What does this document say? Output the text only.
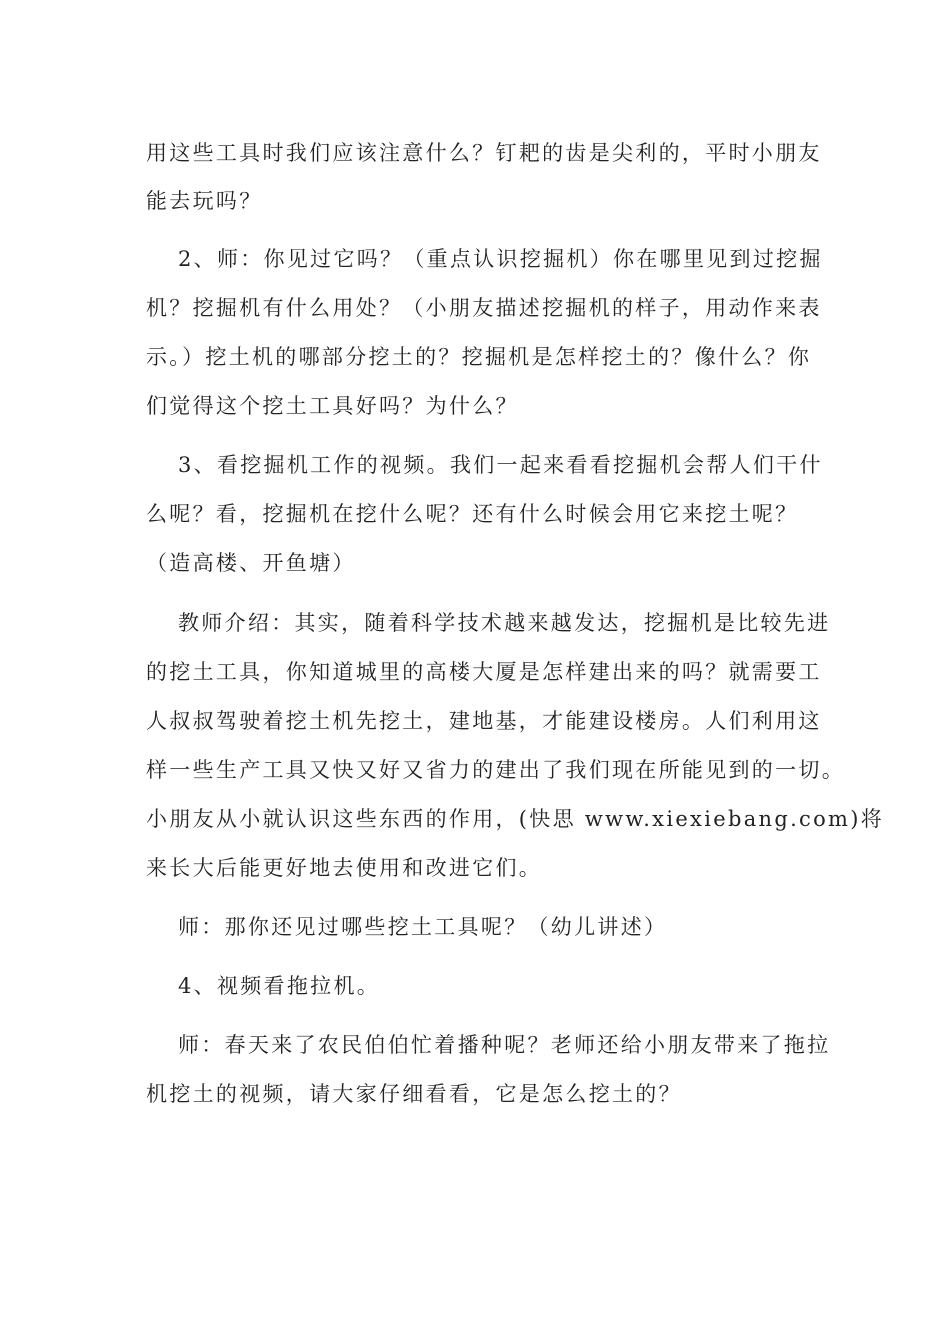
用这些工具时我们应该注意什么？钉耙的齿是尖利的，平时小朋友
能去玩吗？
2、师：你见过它吗？（重点认识挖掘机）你在哪里见到过挖掘
机？挖掘机有什么用处？（小朋友描述挖掘机的样子，用动作来表
示。）挖土机的哪部分挖土的？挖掘机是怎样挖土的？像什么？你
们觉得这个挖土工具好吗？为什么？
3、看挖掘机工作的视频。我们一起来看看挖掘机会帮人们干什
么呢？看，挖掘机在挖什么呢？还有什么时候会用它来挖土呢？
（造高楼、开鱼塘）
教师介绍：其实，随着科学技术越来越发达，挖掘机是比较先进
的挖土工具，你知道城里的高楼大厦是怎样建出来的吗？就需要工
人叔叔驾驶着挖土机先挖土，建地基，才能建设楼房。人们利用这
样一些生产工具又快又好又省力的建出了我们现在所能见到的一切。
小朋友从小就认识这些东西的作用，(快思 www.xiexiebang.com)将
来长大后能更好地去使用和改进它们。
师：那你还见过哪些挖土工具呢？（幼儿讲述）
4、视频看拖拉机。
师：春天来了农民伯伯忙着播种呢？老师还给小朋友带来了拖拉
机挖土的视频，请大家仔细看看，它是怎么挖土的？
